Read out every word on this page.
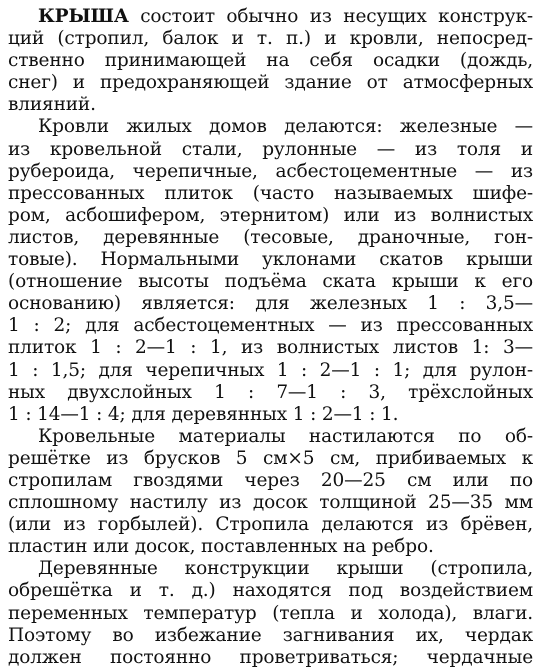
КРЫША состоит обычно из несущих конструк-
ций (стропил, балок и т. п.) и кровли, непосред-
ственно принимающей на себя осадки (дождь,
снег) и предохраняющей здание от атмосферных
влияний.
Кровли жилых домов делаются: железные —
из кровельной стали, рулонные — из толя и
рубероида, черепичные, асбестоцементные — из
прессованных плиток (часто называемых шифе-
ром, асбошифером, этернитом) или из волнистых
листов, деревянные (тесовые, драночные, гон-
товые). Нормальными уклонами скатов крыши
(отношение высоты подъёма ската крыши к его
основанию) является: для железных 1 : 3,5—
1 : 2; для асбестоцементных — из прессованных
плиток 1 : 2—1 : 1, из волнистых листов 1: 3—
1 : 1,5; для черепичных 1 : 2—1 : 1; для рулон-
ных двухслойных 1 : 7—1 : 3, трёхслойных
1 : 14—1 : 4; для деревянных 1 : 2—1 : 1.
Кровельные материалы настилаются по об-
решётке из брусков 5 см×5 см, прибиваемых к
стропилам гвоздями через 20—25 см или по
сплошному настилу из досок толщиной 25—35 мм
(или из горбылей). Стропила делаются из брёвен,
пластин или досок, поставленных на ребро.
Деревянные конструкции крыши (стропила,
обрешётка и т. д.) находятся под воздействием
переменных температур (тепла и холода), влаги.
Поэтому во избежание загнивания их, чердак
должен постоянно проветриваться; чердачные
